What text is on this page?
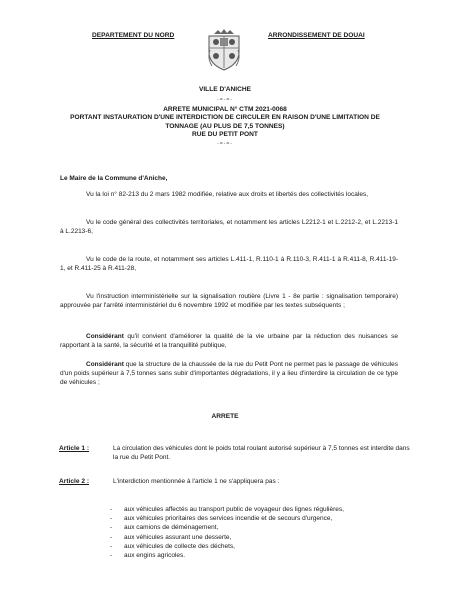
DEPARTEMENT DU NORD	ARRONDISSEMENT DE DOUAI
VILLE D'ANICHE
-=-=-
ARRETE MUNICIPAL N° CTM 2021-0068
PORTANT INSTAURATION D'UNE INTERDICTION DE CIRCULER EN RAISON D'UNE LIMITATION DE
TONNAGE (AU PLUS DE 7,5 TONNES)
RUE DU PETIT PONT
-=-=-
Le Maire de la Commune d'Aniche,
Vu la loi n° 82-213 du 2 mars 1982 modifiée, relative aux droits et libertés des collectivités locales,
Vu le code général des collectivités territoriales, et notamment les articles L2212-1 et L.2212-2, et L.2213-1 à L.2213-6,
Vu le code de la route, et notamment ses articles L.411-1, R.110-1 à R.110-3, R.411-1 à R.411-8, R.411-19-1, et R.411-25 à R.411-28,
Vu l'instruction interministérielle sur la signalisation routière (Livre 1 - 8e partie : signalisation temporaire) approuvée par l'arrêté interministériel du 6 novembre 1992 et modifiée par les textes subséquents ;
Considérant qu'il convient d'améliorer la qualité de la vie urbaine par la réduction des nuisances se rapportant à la santé, la sécurité et la tranquillité publique,
Considérant que la structure de la chaussée de la rue du Petit Pont ne permet pas le passage de véhicules d'un poids supérieur à 7,5 tonnes sans subir d'importantes dégradations, il y a lieu d'interdire la circulation de ce type de véhicules ;
ARRETE
Article 1 :	La circulation des véhicules dont le poids total roulant autorisé supérieur à 7,5 tonnes est interdite dans la rue du Petit Pont.
Article 2 :	L'interdiction mentionnée à l'article 1 ne s'appliquera pas :
- aux véhicules affectés au transport public de voyageur des lignes régulières,
- aux véhicules prioritaires des services incendie et de secours d'urgence,
- aux camions de déménagement,
- aux véhicules assurant une desserte,
- aux véhicules de collecte des déchets,
- aux engins agricoles.
